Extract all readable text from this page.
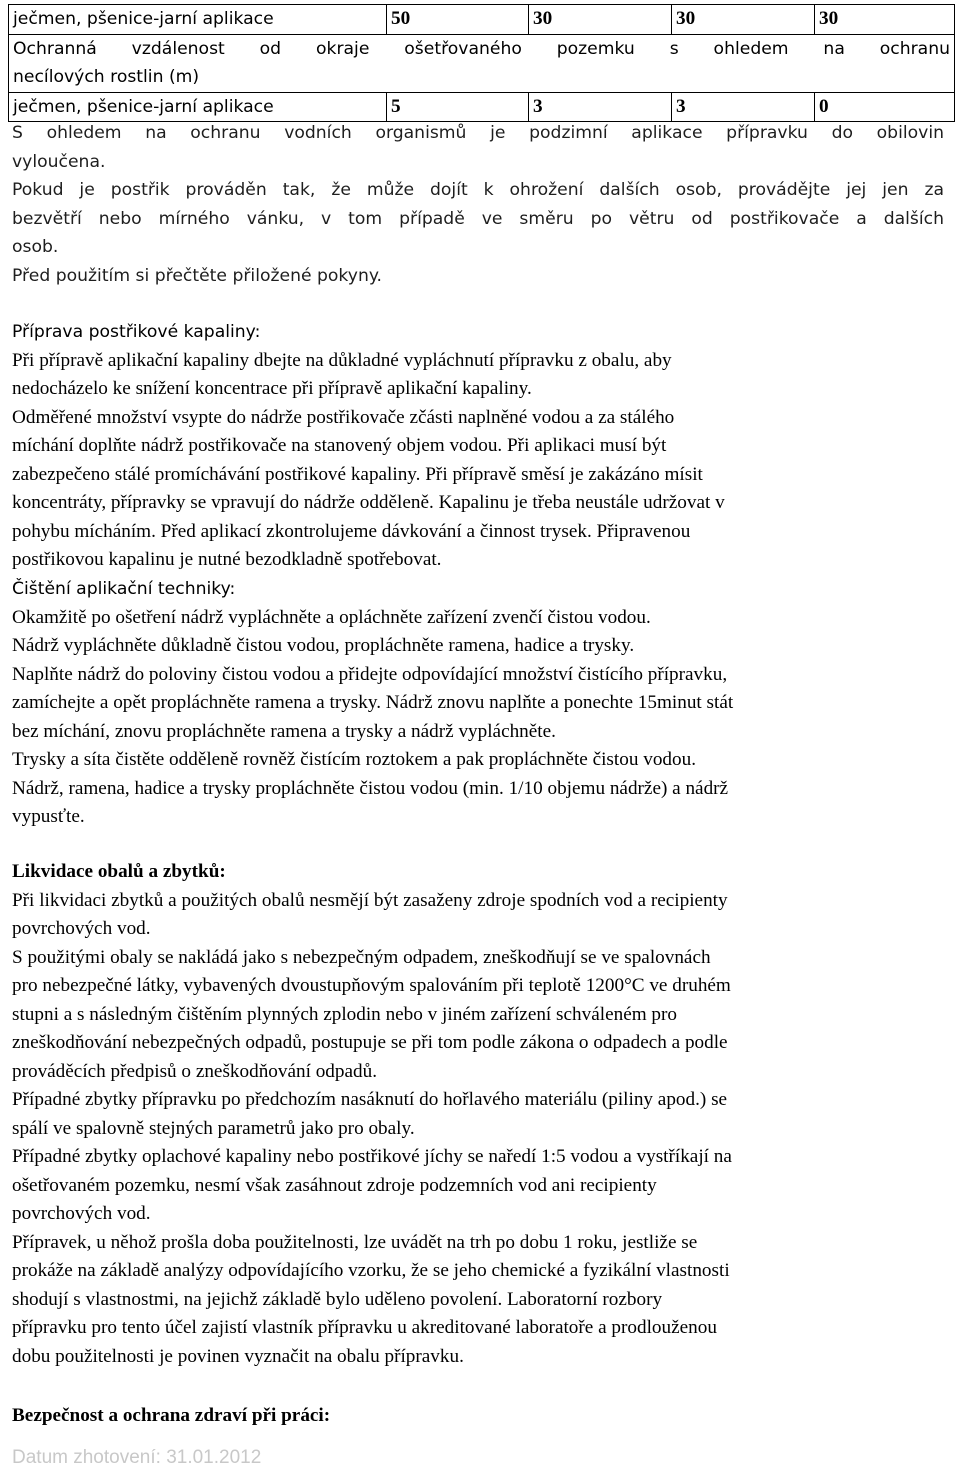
ječmen, pšenice-jarní aplikace	50	30	30	30

Ochranná vzdálenost od okraje ošetřovaného pozemku s ohledem na ochranu
necílových rostlin (m)				

ječmen, pšenice-jarní aplikace	5	3	3	0

S ohledem na ochranu vodních organismů je podzimní aplikace přípravku do obilovin

vyloučena.

Pokud je postřik prováděn tak, že může dojít k ohrožení dalších osob, provádějte jej jen za

bezvětří nebo mírného vánku, v tom případě ve směru po větru od postřikovače a dalších

osob.

Před použitím si přečtěte přiložené pokyny.

Příprava postřikové kapaliny:

Při přípravě aplikační kapaliny dbejte na důkladné vypláchnutí přípravku z obalu, aby

nedocházelo ke snížení koncentrace při přípravě aplikační kapaliny.

Odměřené množství vsypte do nádrže postřikovače zčásti naplněné vodou a za stálého

míchání doplňte nádrž postřikovače na stanovený objem vodou. Při aplikaci musí být

zabezpečeno stálé promíchávání postřikové kapaliny. Při přípravě směsí je zakázáno mísit

koncentráty, přípravky se vpravují do nádrže odděleně. Kapalinu je třeba neustále udržovat v

pohybu mícháním. Před aplikací zkontrolujeme dávkování a činnost trysek. Připravenou

postřikovou kapalinu je nutné bezodkladně spotřebovat.

Čištění aplikační techniky:

Okamžitě po ošetření nádrž vypláchněte a opláchněte zařízení zvenčí čistou vodou.

Nádrž vypláchněte důkladně čistou vodou, propláchněte ramena, hadice a trysky.

Naplňte nádrž do poloviny čistou vodou a přidejte odpovídající množství čistícího přípravku,

zamíchejte a opět propláchněte ramena a trysky. Nádrž znovu naplňte a ponechte 15minut stát

bez míchání, znovu propláchněte ramena a trysky a nádrž vypláchněte.

Trysky a síta čistěte odděleně rovněž čistícím roztokem a pak propláchněte čistou vodou.

Nádrž, ramena, hadice a trysky propláchněte čistou vodou (min. 1/10 objemu nádrže) a nádrž

vypusťte.

Likvidace obalů a zbytků:

Při likvidaci zbytků a použitých obalů nesmějí být zasaženy zdroje spodních vod a recipienty

povrchových vod.

S použitými obaly se nakládá jako s nebezpečným odpadem, zneškodňují se ve spalovnách

pro nebezpečné látky, vybavených dvoustupňovým spalováním při teplotě 1200°C ve druhém

stupni a s následným čištěním plynných zplodin nebo v jiném zařízení schváleném pro

zneškodňování nebezpečných odpadů, postupuje se při tom podle zákona o odpadech a podle

prováděcích předpisů o zneškodňování odpadů.

Případné zbytky přípravku po předchozím nasáknutí do hořlavého materiálu (piliny apod.) se

spálí ve spalovně stejných parametrů jako pro obaly.

Případné zbytky oplachové kapaliny nebo postřikové jíchy se naředí 1:5 vodou a vystříkají na

ošetřovaném pozemku, nesmí však zasáhnout zdroje podzemních vod ani recipienty

povrchových vod.

Přípravek, u něhož prošla doba použitelnosti, lze uvádět na trh po dobu 1 roku, jestliže se

prokáže na základě analýzy odpovídajícího vzorku, že se jeho chemické a fyzikální vlastnosti

shodují s vlastnostmi, na jejichž základě bylo uděleno povolení. Laboratorní rozbory

přípravku pro tento účel zajistí vlastník přípravku u akreditované laboratoře a prodlouženou

dobu použitelnosti je povinen vyznačit na obalu přípravku.

Bezpečnost a ochrana zdraví při práci:

Datum zhotovení: 31.01.2012
